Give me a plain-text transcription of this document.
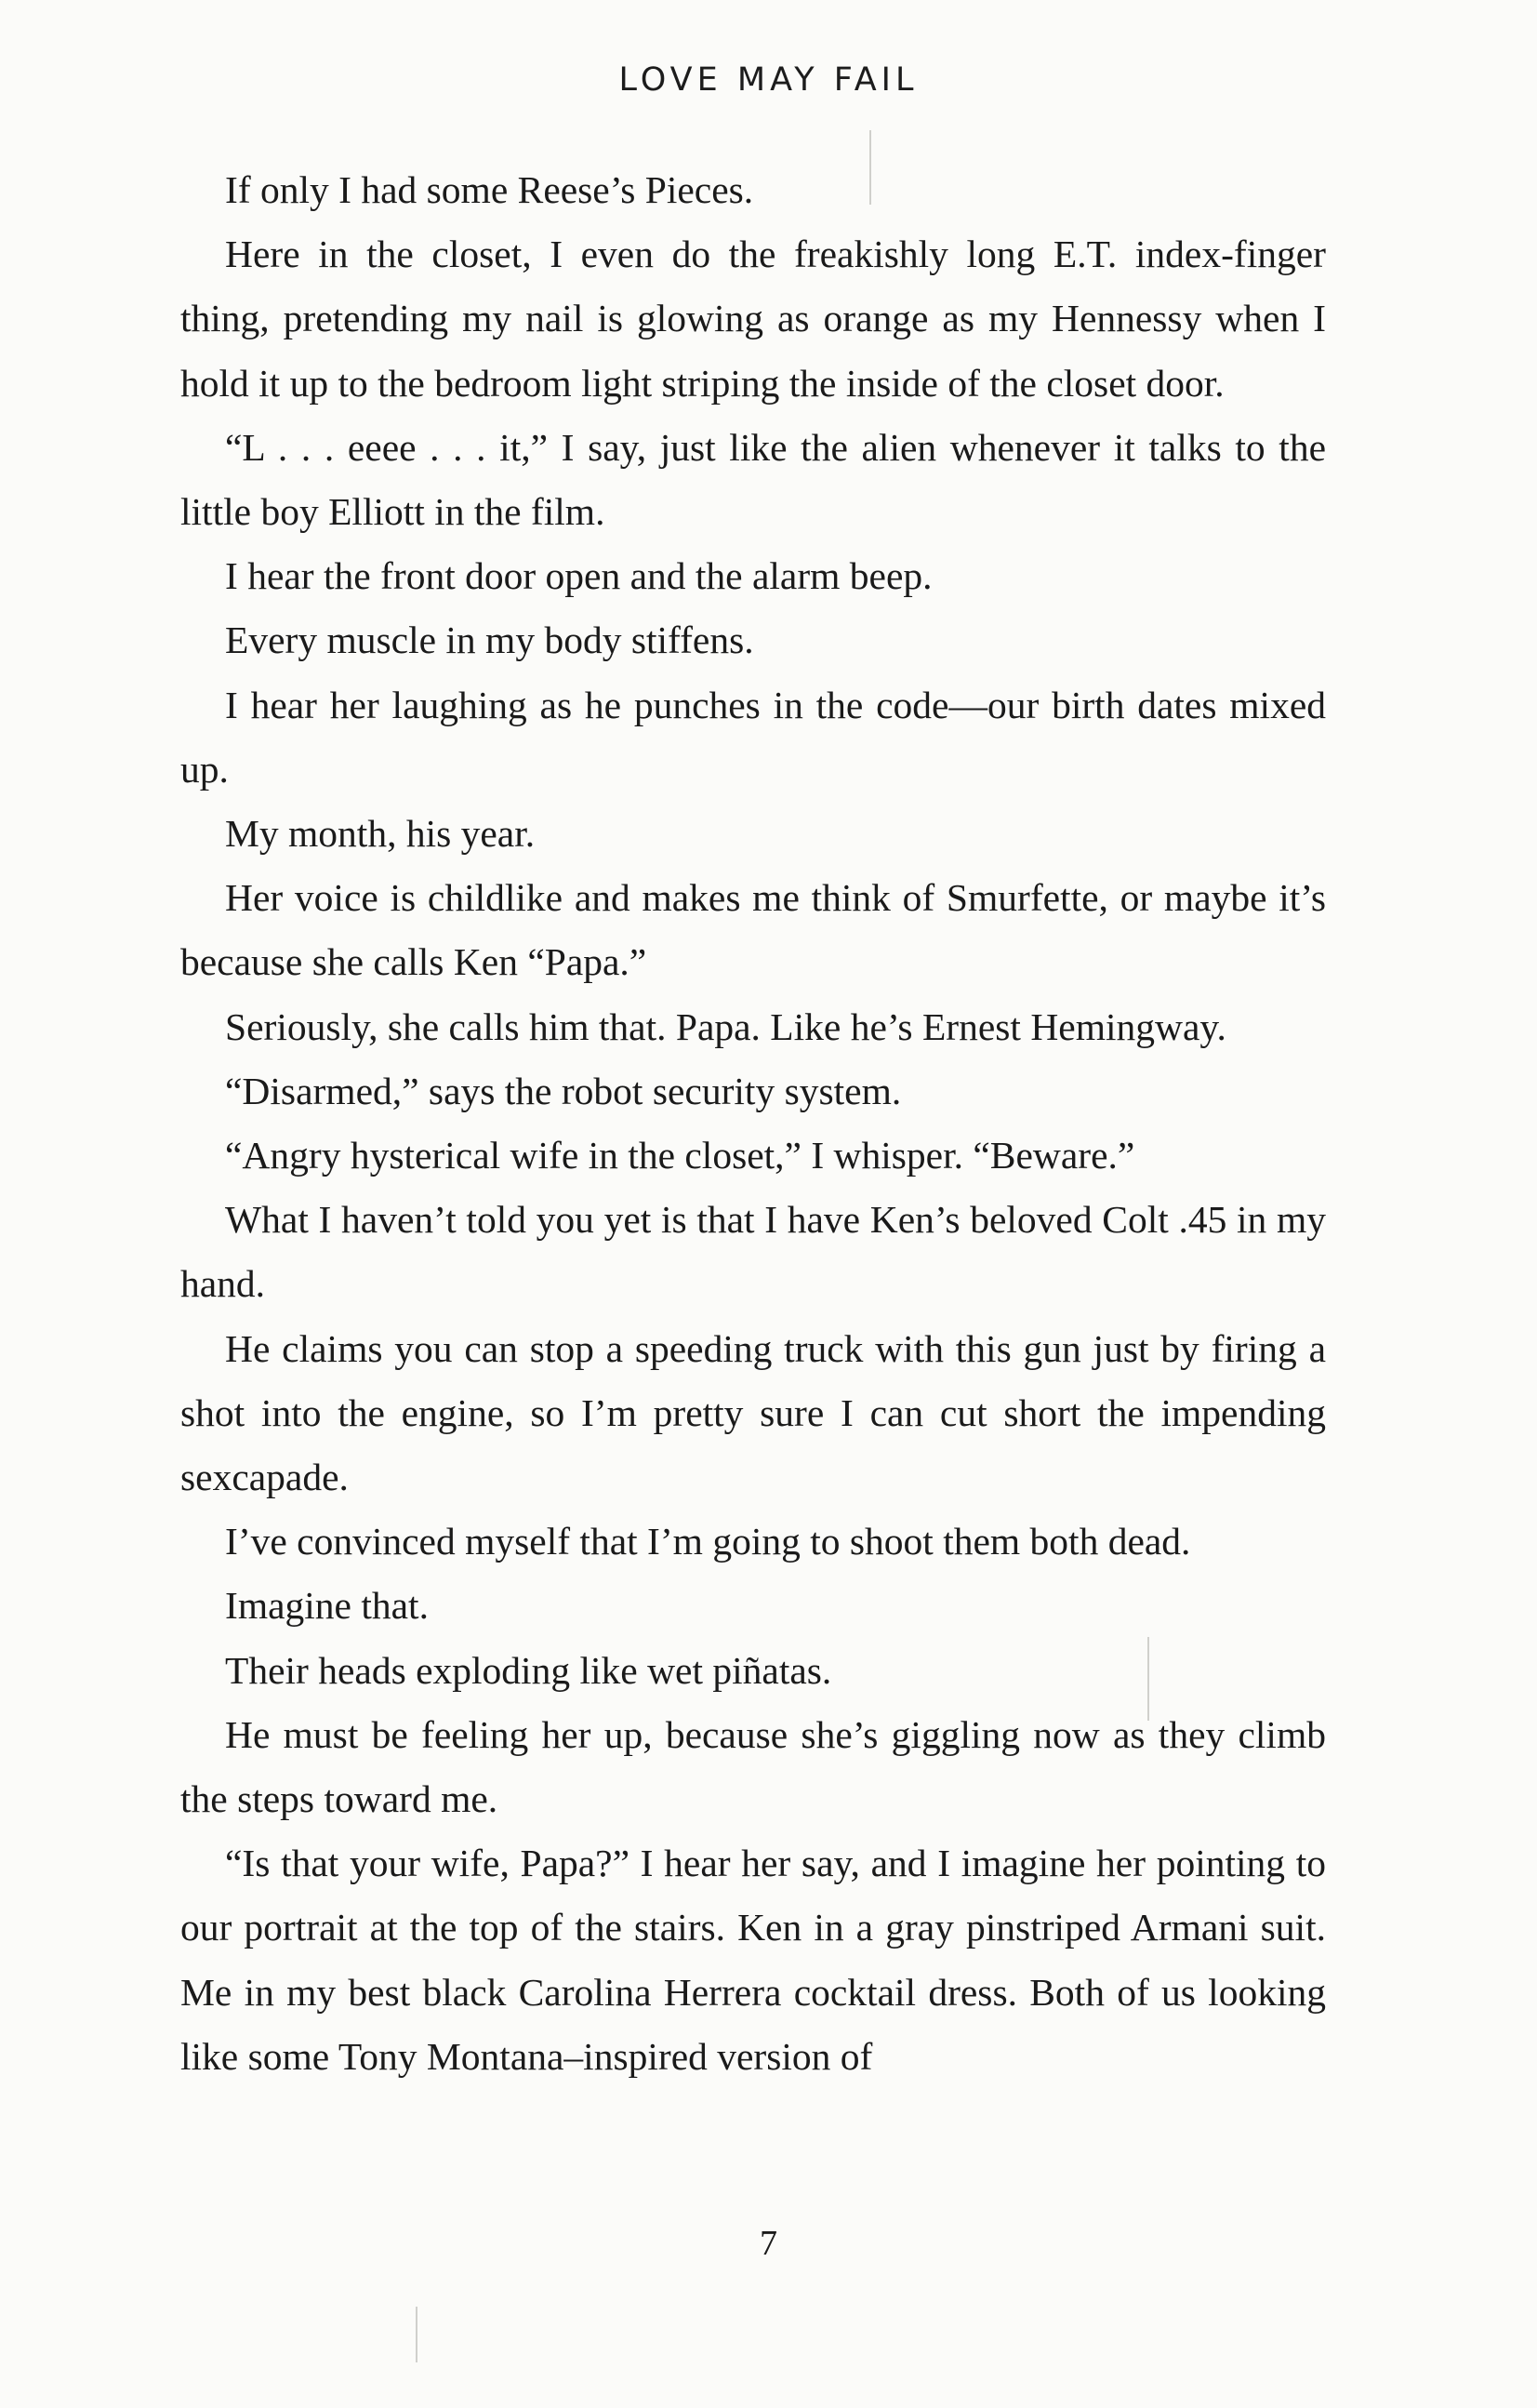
LOVE MAY FAIL

If only I had some Reese’s Pieces.

Here in the closet, I even do the freakishly long E.T. index-finger thing, pretending my nail is glowing as orange as my Hennessy when I hold it up to the bedroom light striping the inside of the closet door.

“L . . . eeee . . . it,” I say, just like the alien whenever it talks to the little boy Elliott in the film.

I hear the front door open and the alarm beep.

Every muscle in my body stiffens.

I hear her laughing as he punches in the code—our birth dates mixed up.

My month, his year.

Her voice is childlike and makes me think of Smurfette, or maybe it’s because she calls Ken “Papa.”

Seriously, she calls him that. Papa. Like he’s Ernest Hemingway.

“Disarmed,” says the robot security system.

“Angry hysterical wife in the closet,” I whisper. “Beware.”

What I haven’t told you yet is that I have Ken’s beloved Colt .45 in my hand.

He claims you can stop a speeding truck with this gun just by firing a shot into the engine, so I’m pretty sure I can cut short the impending sexcapade.

I’ve convinced myself that I’m going to shoot them both dead.

Imagine that.

Their heads exploding like wet piñatas.

He must be feeling her up, because she’s giggling now as they climb the steps toward me.

“Is that your wife, Papa?” I hear her say, and I imagine her pointing to our portrait at the top of the stairs. Ken in a gray pinstriped Armani suit. Me in my best black Carolina Herrera cocktail dress. Both of us looking like some Tony Montana–inspired version of

7
